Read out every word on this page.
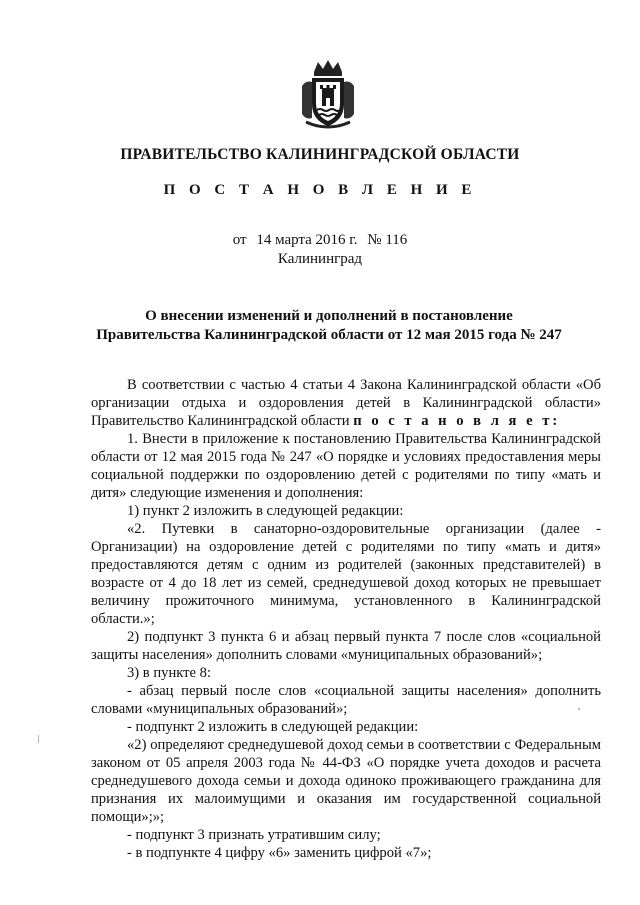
ПРАВИТЕЛЬСТВО КАЛИНИНГРАДСКОЙ ОБЛАСТИ
П О С Т А Н О В Л Е Н И Е
от 14 марта 2016 г. № 116
Калининград
О внесении изменений и дополнений в постановление Правительства Калининградской области от 12 мая 2015 года № 247

В соответствии с частью 4 статьи 4 Закона Калининградской области «Об организации отдыха и оздоровления детей в Калининградской области» Правительство Калининградской области п о с т а н о в л я е т:

1. Внести в приложение к постановлению Правительства Калининградской области от 12 мая 2015 года № 247 «О порядке и условиях предоставления меры социальной поддержки по оздоровлению детей с родителями по типу «мать и дитя» следующие изменения и дополнения:

1) пункт 2 изложить в следующей редакции:

«2. Путевки в санаторно-оздоровительные организации (далее - Организации) на оздоровление детей с родителями по типу «мать и дитя» предоставляются детям с одним из родителей (законных представителей) в возрасте от 4 до 18 лет из семей, среднедушевой доход которых не превышает величину прожиточного минимума, установленного в Калининградской области.»;

2) подпункт 3 пункта 6 и абзац первый пункта 7 после слов «социальной защиты населения» дополнить словами «муниципальных образований»;

3) в пункте 8:

- абзац первый после слов «социальной защиты населения» дополнить словами «муниципальных образований»;

- подпункт 2 изложить в следующей редакции:

«2) определяют среднедушевой доход семьи в соответствии с Федеральным законом от 05 апреля 2003 года № 44-ФЗ «О порядке учета доходов и расчета среднедушевого дохода семьи и дохода одиноко проживающего гражданина для признания их малоимущими и оказания им государственной социальной помощи»;»;

- подпункт 3 признать утратившим силу;

- в подпункте 4 цифру «6» заменить цифрой «7»;
